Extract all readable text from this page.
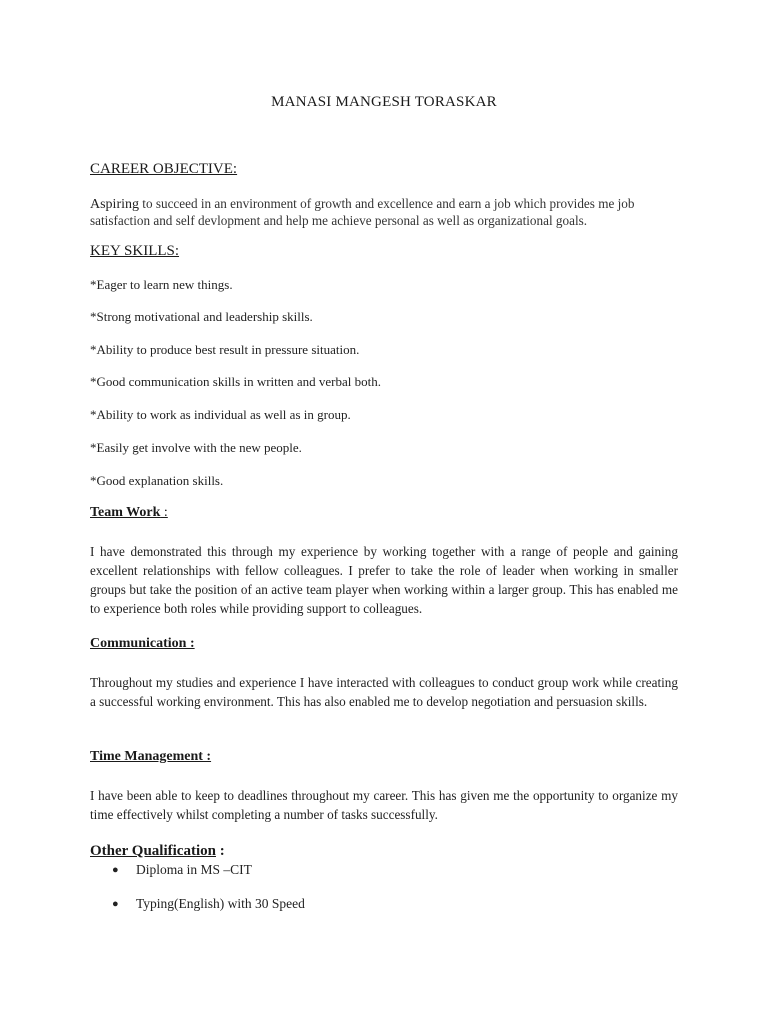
MANASI MANGESH TORASKAR
CAREER OBJECTIVE:
Aspiring to succeed in an environment of growth and excellence and earn a job which provides me job satisfaction and self devlopment and help me achieve personal as well as organizational goals.
KEY SKILLS:
*Eager to learn new things.
*Strong motivational and leadership skills.
*Ability to produce best result in pressure situation.
*Good communication skills in written and verbal both.
*Ability to work as individual as well as in group.
*Easily get involve with the new people.
*Good explanation skills.
Team Work :
I have demonstrated this through my experience by working together with a range of people and gaining excellent relationships with fellow colleagues. I prefer to take the role of leader when working in smaller groups but take the position of an active team player when working within a larger group. This has enabled me to experience both roles while providing support to colleagues.
Communication :
Throughout my studies and experience I have interacted with colleagues to conduct group work while creating a successful working environment. This has also enabled me to develop negotiation and persuasion skills.
Time Management :
I have been able to keep to deadlines throughout my career. This has given me the opportunity to organize my time effectively whilst completing a number of tasks successfully.
Other Qualification :
● Diploma in MS –CIT
● Typing(English) with 30 Speed
